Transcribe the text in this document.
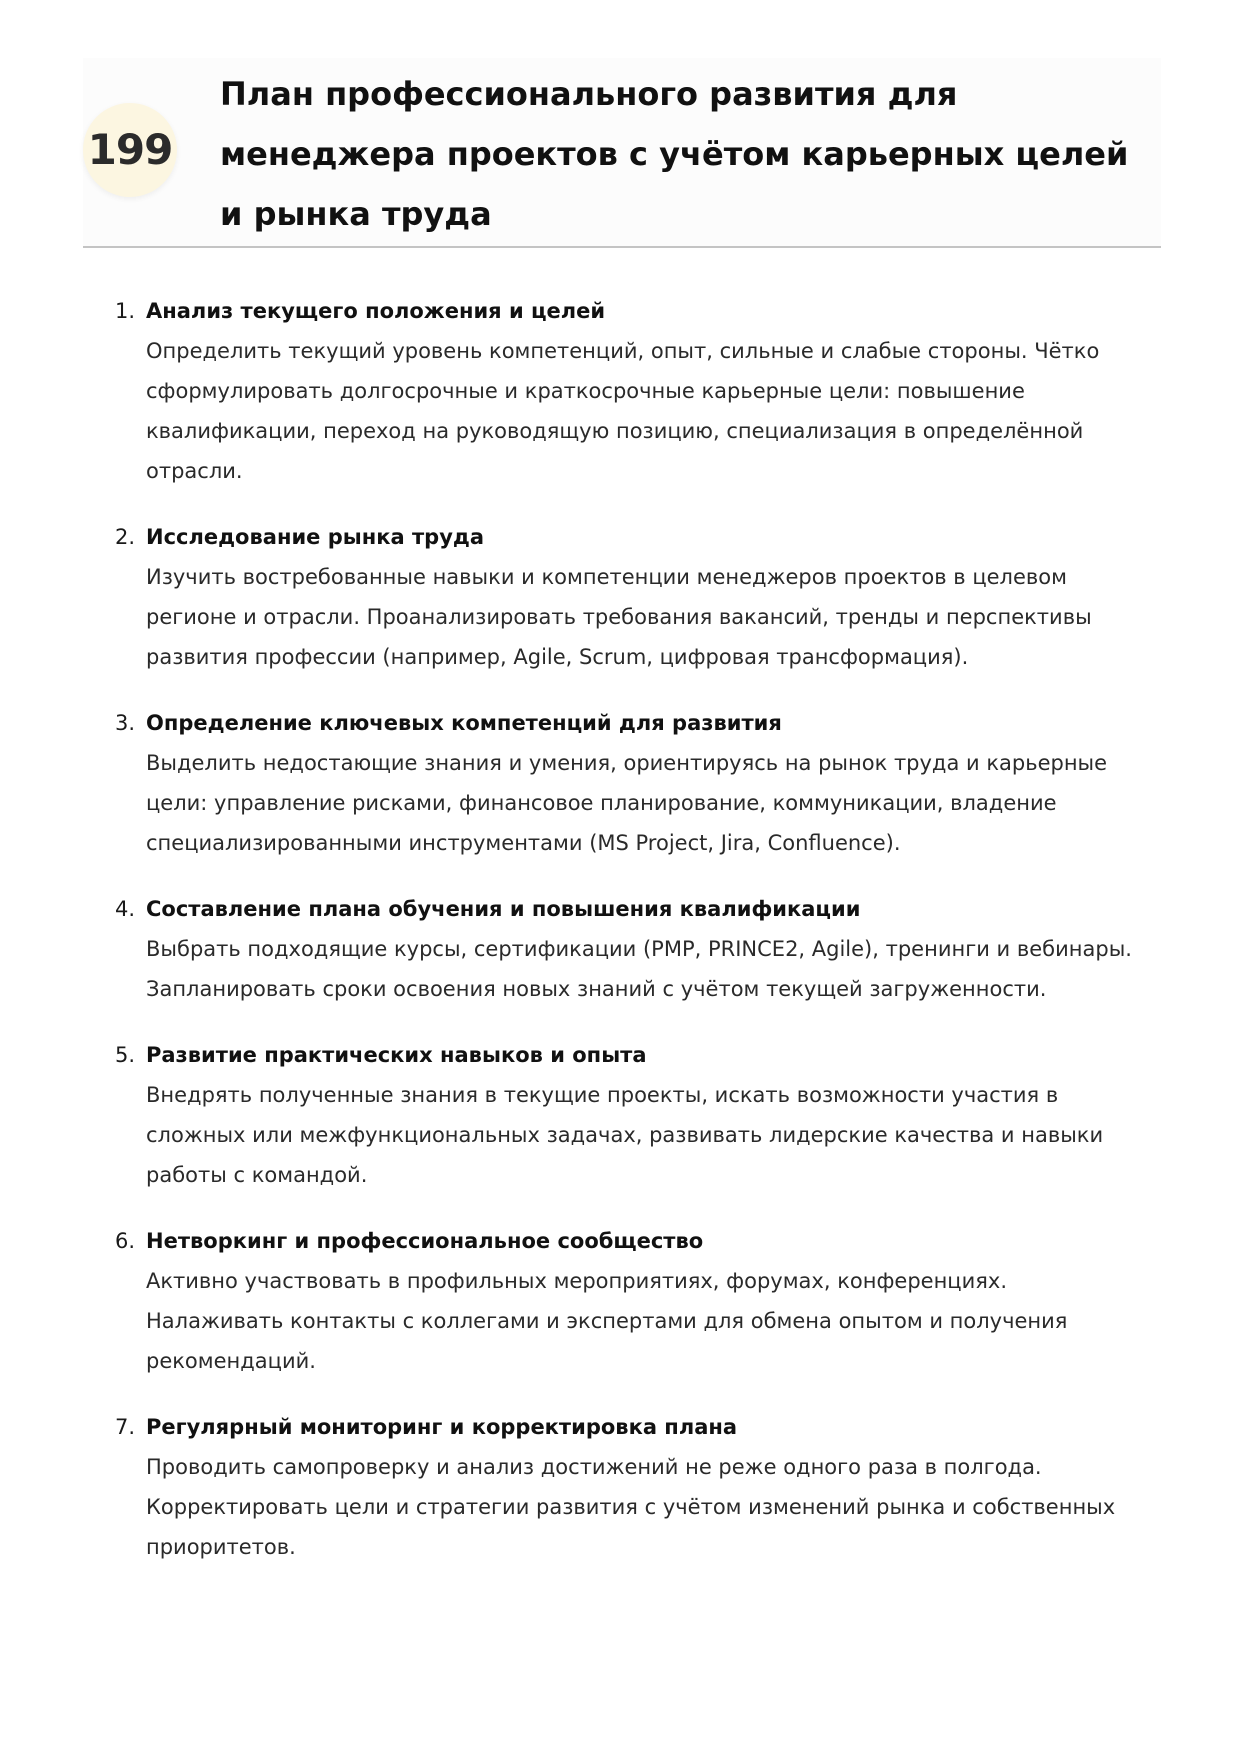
199
План профессионального развития для менеджера проектов с учётом карьерных целей и рынка труда
1. Анализ текущего положения и целей
Определить текущий уровень компетенций, опыт, сильные и слабые стороны. Чётко сформулировать долгосрочные и краткосрочные карьерные цели: повышение квалификации, переход на руководящую позицию, специализация в определённой отрасли.
2. Исследование рынка труда
Изучить востребованные навыки и компетенции менеджеров проектов в целевом регионе и отрасли. Проанализировать требования вакансий, тренды и перспективы развития профессии (например, Agile, Scrum, цифровая трансформация).
3. Определение ключевых компетенций для развития
Выделить недостающие знания и умения, ориентируясь на рынок труда и карьерные цели: управление рисками, финансовое планирование, коммуникации, владение специализированными инструментами (MS Project, Jira, Confluence).
4. Составление плана обучения и повышения квалификации
Выбрать подходящие курсы, сертификации (PMP, PRINCE2, Agile), тренинги и вебинары. Запланировать сроки освоения новых знаний с учётом текущей загруженности.
5. Развитие практических навыков и опыта
Внедрять полученные знания в текущие проекты, искать возможности участия в сложных или межфункциональных задачах, развивать лидерские качества и навыки работы с командой.
6. Нетворкинг и профессиональное сообщество
Активно участвовать в профильных мероприятиях, форумах, конференциях. Налаживать контакты с коллегами и экспертами для обмена опытом и получения рекомендаций.
7. Регулярный мониторинг и корректировка плана
Проводить самопроверку и анализ достижений не реже одного раза в полгода. Корректировать цели и стратегии развития с учётом изменений рынка и собственных приоритетов.
